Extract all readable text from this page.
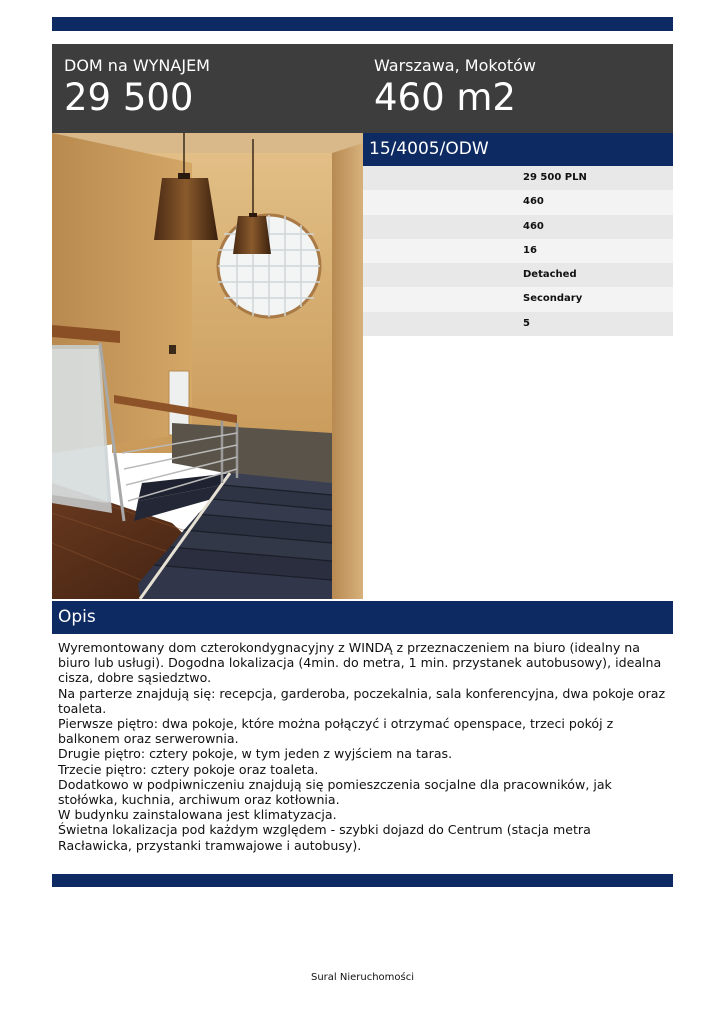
DOM na WYNAJEM
29 500
Warszawa, Mokotów
460 m2
15/4005/ODW
29 500 PLN
460
460
16
Detached
Secondary
5
Opis

Wyremontowany dom czterokondygnacyjny z WINDĄ z przeznaczeniem na biuro (idealny na biuro lub usługi). Dogodna lokalizacja (4min. do metra, 1 min. przystanek autobusowy), idealna cisza, dobre sąsiedztwo.

Na parterze znajdują się: recepcja, garderoba, poczekalnia, sala konferencyjna, dwa pokoje oraz toaleta.

Pierwsze piętro: dwa pokoje, które można połączyć i otrzymać openspace, trzeci pokój z balkonem oraz serwerownia.

Drugie piętro: cztery pokoje, w tym jeden z wyjściem na taras.

Trzecie piętro: cztery pokoje oraz toaleta.

Dodatkowo w podpiwniczeniu znajdują się pomieszczenia socjalne dla pracowników, jak stołówka, kuchnia, archiwum oraz kotłownia.

W budynku zainstalowana jest klimatyzacja.

Świetna lokalizacja pod każdym względem - szybki dojazd do Centrum (stacja metra Racławicka, przystanki tramwajowe i autobusy).

Sural Nieruchomości
